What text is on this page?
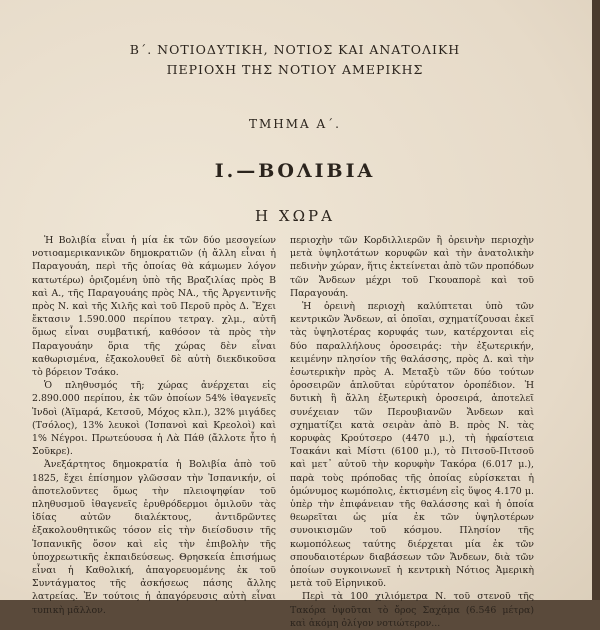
Β΄. ΝΟΤΙΟΔΥΤΙΚΗ, ΝΟΤΙΟΣ ΚΑΙ ΑΝΑΤΟΛΙΚΗ
ΠΕΡΙΟΧΗ ΤΗΣ ΝΟΤΙΟΥ ΑΜΕΡΙΚΗΣ
ΤΜΗΜΑ Α΄.
I.—ΒΟΛΙΒΙΑ
Η ΧΩΡΑ

Ἡ Βολιβία εἶναι ἡ μία ἐκ τῶν δύο μεσογείων νοτιοαμερικανικῶν δημοκρατιῶν (ἡ ἄλλη εἶναι ἡ Παραγουάη, περὶ τῆς ὁποίας θὰ κάμωμεν λόγον κατωτέρω) ὁριζομένη ὑπὸ τῆς Βραζιλίας πρὸς Β καὶ Α., τῆς Παραγουάης πρὸς ΝΑ., τῆς Ἀργεντινῆς πρὸς Ν. καὶ τῆς Χιλῆς καὶ τοῦ Περοῦ πρὸς Δ. Ἔχει ἔκτασιν 1.590.000 περίπου τετραγ. χλμ., αὐτῆ ὅμως εἶναι συμβατική, καθόσον τὰ πρὸς τὴν Παραγουάην ὅρια τῆς χώρας δὲν εἶναι καθωρισμένα, ἐξακολουθεῖ δὲ αὐτὴ διεκδικοῦσα τὸ βόρειον Τσάκο.

Ὁ πληθυσμός τῆ; χώρας ἀνέρχεται εἰς 2.890.000 περίπου, ἐκ τῶν ὁποίων 54% ἰθαγενεῖς Ἰνδοὶ (Ἀϊμαρά, Κετσοῦ, Μόχος κλπ.), 32% μιγάδες (Τσόλος), 13% λευκοὶ (Ἰσπανοὶ καὶ Κρεολοὶ) καὶ 1% Νέγροι. Πρωτεύουσα ἡ Λὰ Πάθ (ἄλλοτε ἦτο ἡ Σοῦκρε).

Ἀνεξάρτητος δημοκρατία ἡ Βολιβία ἀπὸ τοῦ 1825, ἔχει ἐπίσημον γλῶσσαν τὴν Ἰσπανικήν, οἱ ἀποτελοῦντες ὅμως τὴν πλειοψηφίαν τοῦ πληθυσμοῦ ἰθαγενεῖς ἐρυθρόδερμοι ὁμιλοῦν τὰς ἰδίας αὐτῶν διαλέκτους, ἀντιδρῶντες ἐξακολουθητικῶς τόσον εἰς τὴν διείσδυσιν τῆς Ἰσπανικῆς ὅσον καὶ εἰς τὴν ἐπιβολὴν τῆς ὑποχρεωτικῆς ἐκπαιδεύσεως. Θρησκεία ἐπισήμως εἶναι ἡ Καθολική, ἀπαγορευομένης ἐκ τοῦ Συντάγματος τῆς ἀσκήσεως πάσης ἄλλης λατρείας. Ἐν τούτοις ἡ ἀπαγόρευσις αὐτὴ εἶναι τυπικὴ μᾶλλον.

περιοχὴν τῶν Κορδιλλιερῶν ἢ ὀρεινὴν περιοχὴν μετὰ ὑψηλοτάτων κορυφῶν καὶ τὴν ἀνατολικὴν πεδινὴν χώραν, ἥτις ἐκτείνεται ἀπὸ τῶν προπόδων τῶν Ἄνδεων μέχρι τοῦ Γκουαπορὲ καὶ τοῦ Παραγουάη.

Ἡ ὀρεινὴ περιοχὴ καλύπτεται ὑπὸ τῶν κεντρικῶν Ἄνδεων, αἱ ὁποῖαι, σχηματίζουσαι ἐκεῖ τὰς ὑψηλοτέρας κορυφάς των, κατέρχονται εἰς δύο παραλλήλους ὀροσειράς: τὴν ἐξωτερικήν, κειμένην πλησίον τῆς θαλάσσης, πρὸς Δ. καὶ τὴν ἐσωτερικὴν πρὸς Α. Μεταξὺ τῶν δύο τούτων ὀροσειρῶν ἁπλοῦται εὐρύτατον ὀροπέδιον. Ἡ δυτικὴ ἢ ἄλλη ἐξωτερικὴ ὀροσειρά, ἀποτελεῖ συνέχειαν τῶν Περουβιανῶν Ἄνδεων καὶ σχηματίζει κατὰ σειρὰν ἀπὸ Β. πρὸς Ν. τὰς κορυφὰς Κρούτσερο (4470 μ.), τὴ ἡφαίστεια Τσακάνι καὶ Μίστι (6100 μ.), τὸ Πιτσοῦ-Πιτσοῦ καὶ μετ᾽ αὐτοῦ τὴν κορυφὴν Τακόρα (6.017 μ.), παρὰ τοὺς πρόποδας τῆς ὁποίας εὑρίσκεται ἡ ὁμώνυμος κωμόπολις, ἐκτισμένη εἰς ὕψος 4.170 μ. ὑπὲρ τὴν ἐπιφάνειαν τῆς θαλάσσης καὶ ἡ ὁποία θεωρεῖται ὡς μία ἐκ τῶν ὑψηλοτέρων συνοικισμῶν τοῦ κόσμου. Πλησίον τῆς κωμοπόλεως ταύτης διέρχεται μία ἐκ τῶν σπουδαιοτέρων διαβάσεων τῶν Ἄνδεων, διὰ τῶν ὁποίων συγκοινωνεῖ ἡ κεντρικὴ Νότιος Ἀμερικὴ μετὰ τοῦ Εἰρηνικοῦ.

Περὶ τὰ 100 χιλιόμετρα Ν. τοῦ στενοῦ τῆς Τακόρα ὑψοῦται τὸ ὄρος Σαχάμα (6.546 μέτρα) καὶ ἀκόμη ὀλίγον νοτιώτερον...
